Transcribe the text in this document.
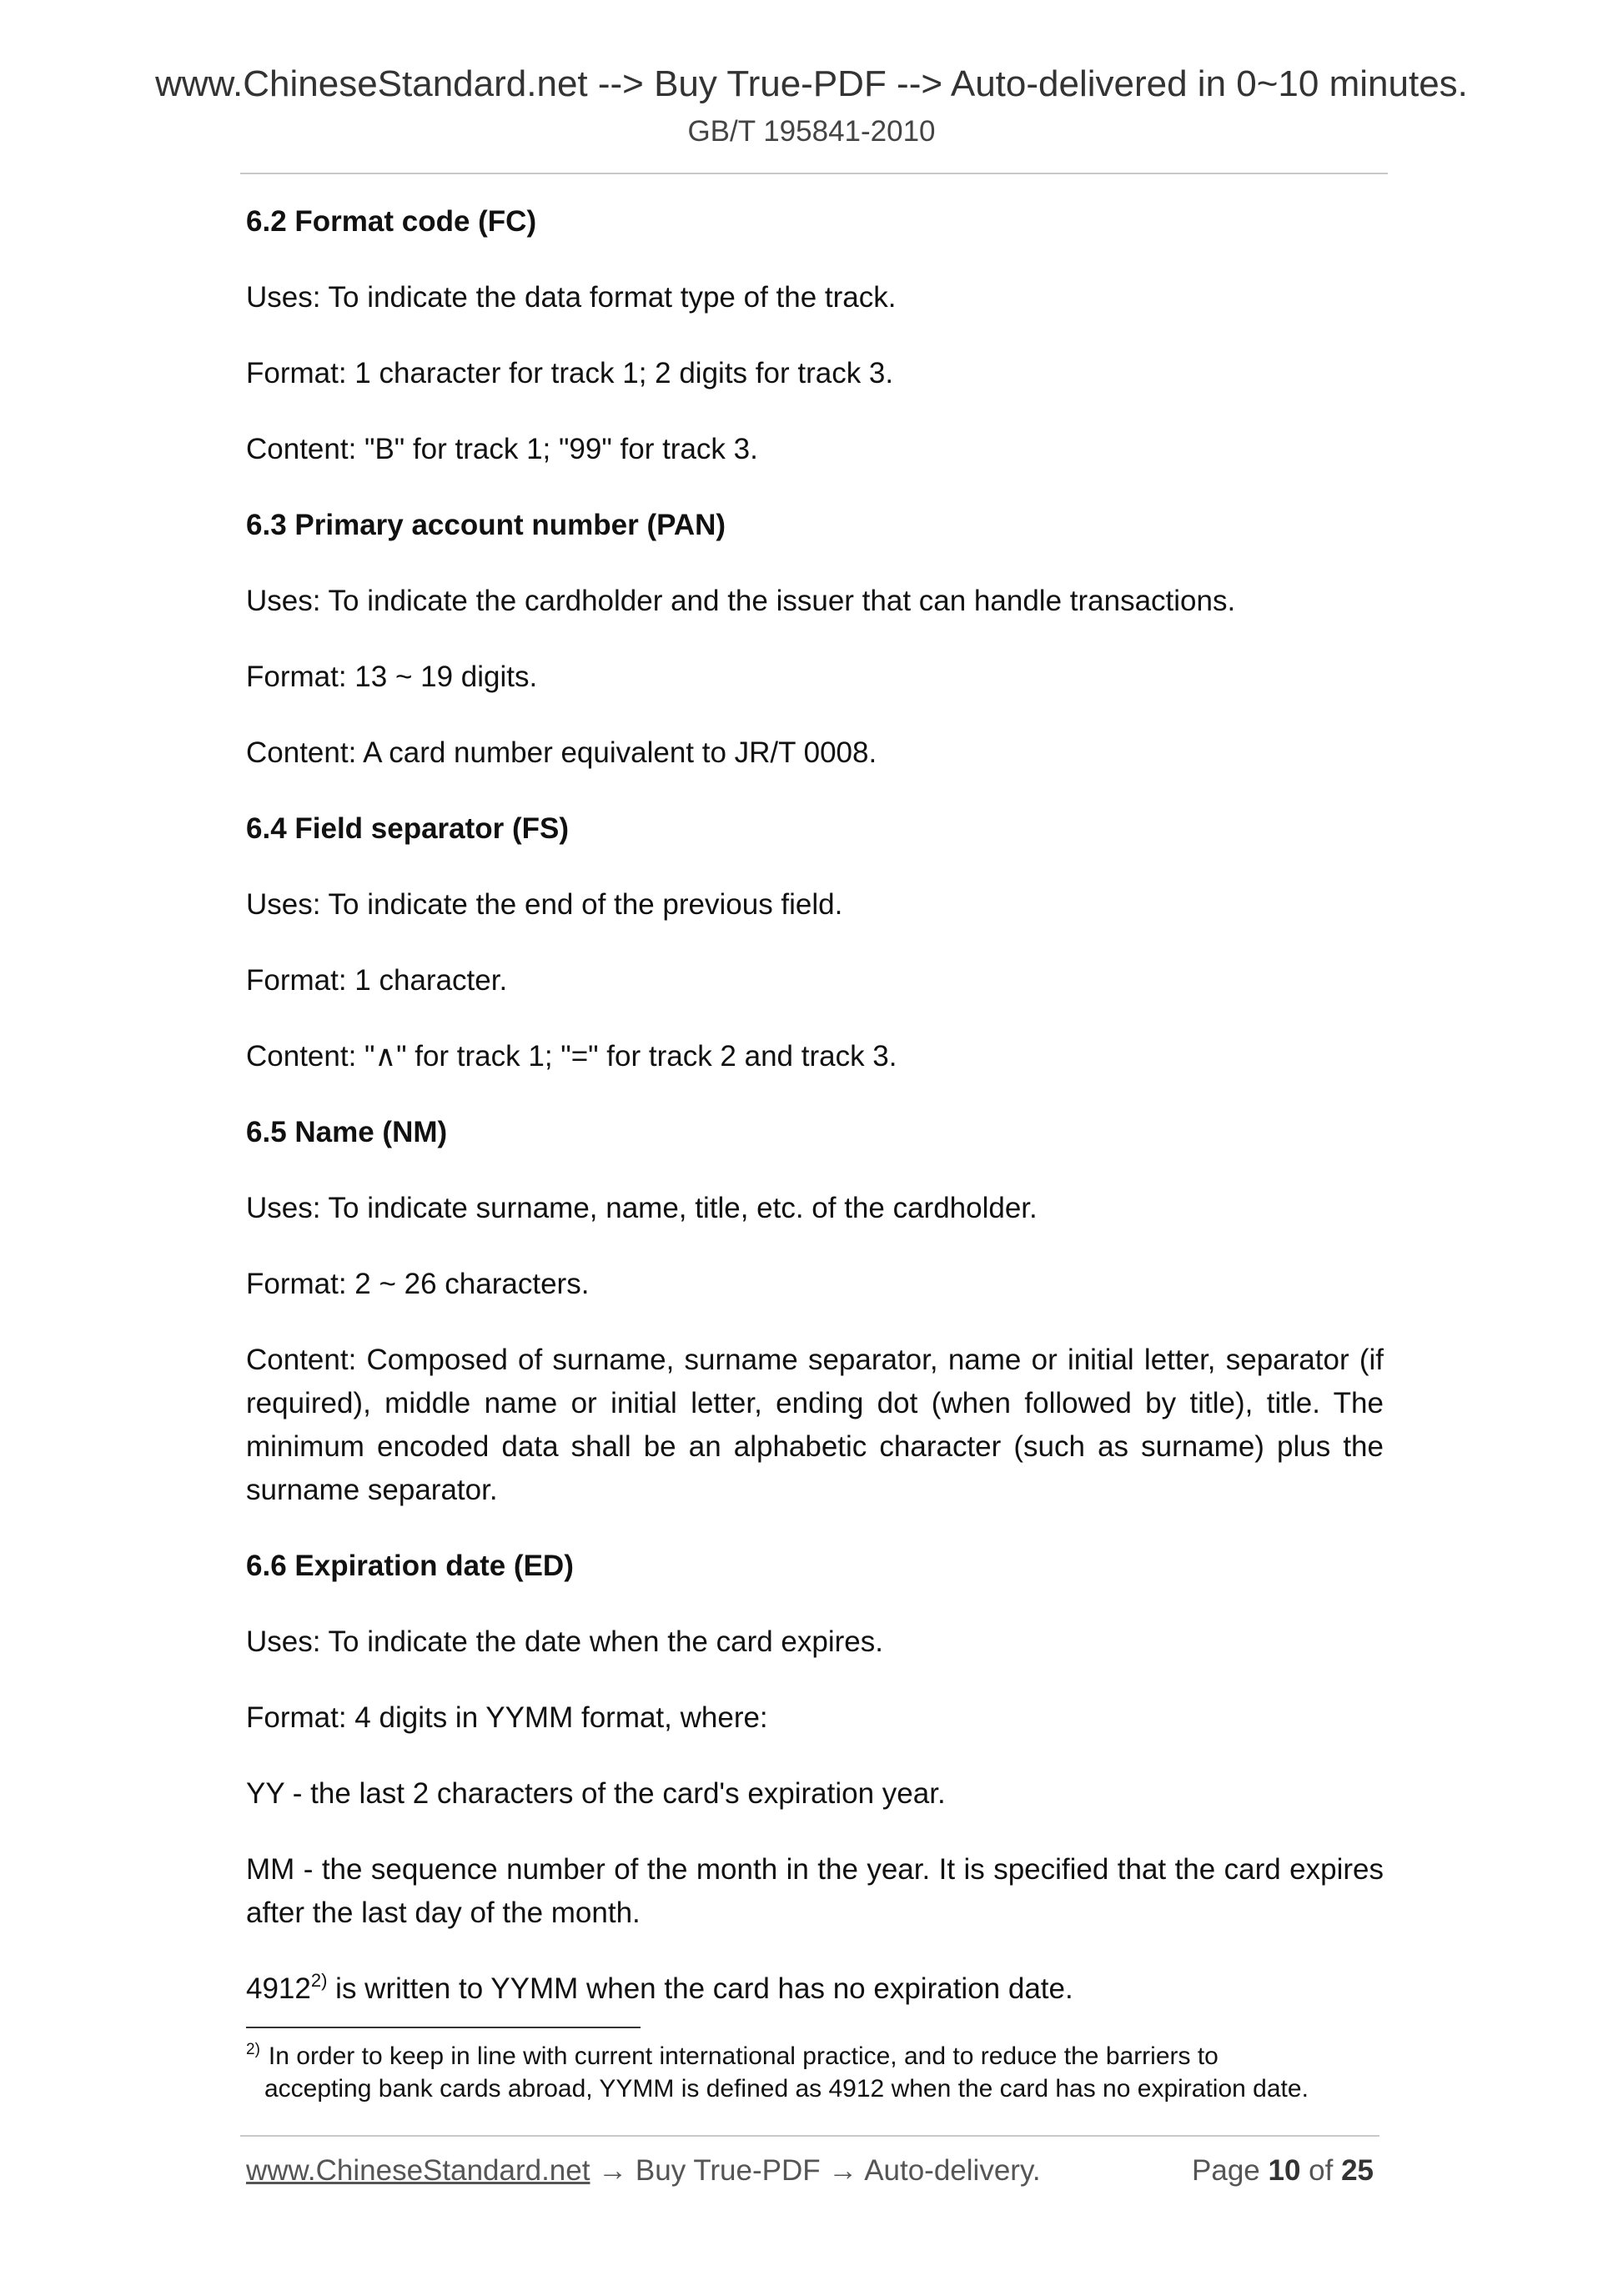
www.ChineseStandard.net --> Buy True-PDF --> Auto-delivered in 0~10 minutes.
GB/T 195841-2010

6.2 Format code (FC)

Uses: To indicate the data format type of the track.

Format: 1 character for track 1; 2 digits for track 3.

Content: "B" for track 1; "99" for track 3.

6.3 Primary account number (PAN)

Uses: To indicate the cardholder and the issuer that can handle transactions.

Format: 13 ~ 19 digits.

Content: A card number equivalent to JR/T 0008.

6.4 Field separator (FS)

Uses: To indicate the end of the previous field.

Format: 1 character.

Content: "∧" for track 1; "=" for track 2 and track 3.

6.5 Name (NM)

Uses: To indicate surname, name, title, etc. of the cardholder.

Format: 2 ~ 26 characters.

Content: Composed of surname, surname separator, name or initial letter, separator (if required), middle name or initial letter, ending dot (when followed by title), title. The minimum encoded data shall be an alphabetic character (such as surname) plus the surname separator.

6.6 Expiration date (ED)

Uses: To indicate the date when the card expires.

Format: 4 digits in YYMM format, where:

YY - the last 2 characters of the card's expiration year.

MM - the sequence number of the month in the year. It is specified that the card expires after the last day of the month.

4912$^{2)}$ is written to YYMM when the card has no expiration date.

$^{2)}$ In order to keep in line with current international practice, and to reduce the barriers to
accepting bank cards abroad, YYMM is defined as 4912 when the card has no expiration date.
www.ChineseStandard.net → Buy True-PDF → Auto-delivery.	Page 10 of 25
